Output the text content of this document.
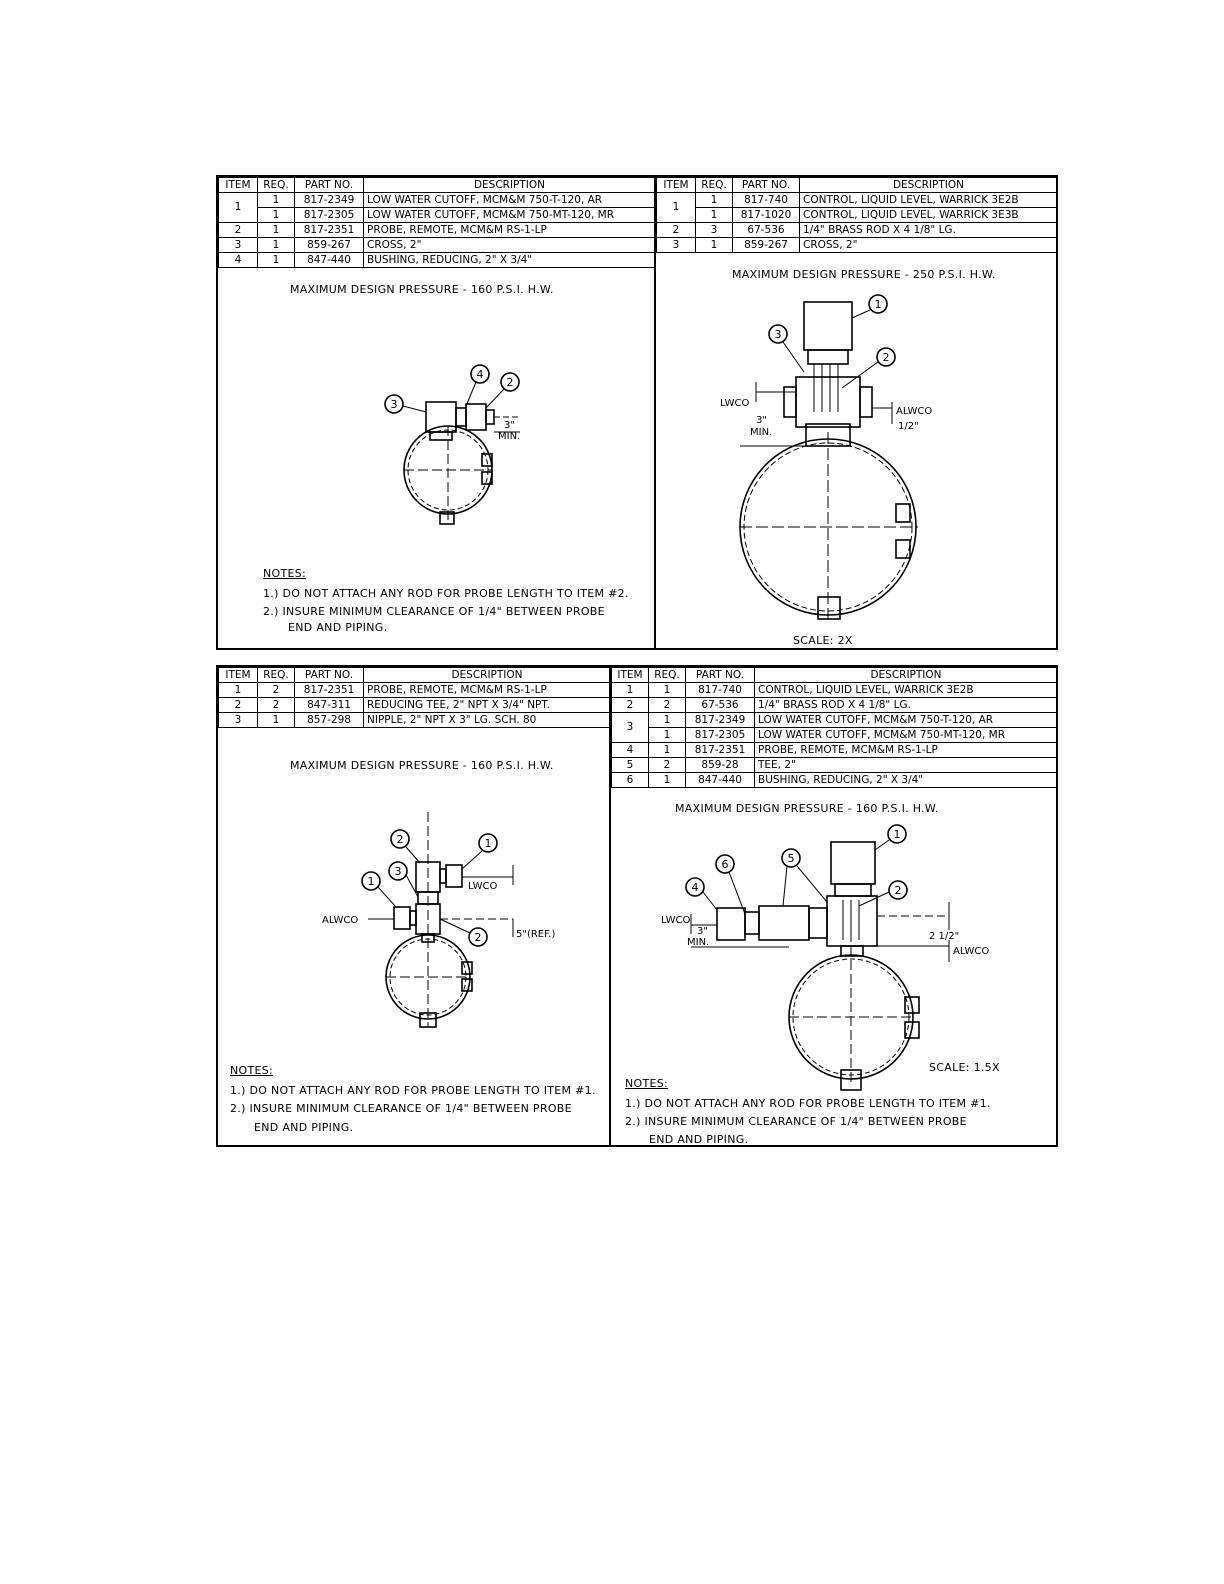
ITEM	REQ.	PART NO.	DESCRIPTION
1	1	817-2349	LOW WATER CUTOFF, MCM&M 750-T-120, AR
	1	817-2305	LOW WATER CUTOFF, MCM&M 750-MT-120, MR
2	1	817-2351	PROBE, REMOTE, MCM&M RS-1-LP
3	1	859-267	CROSS, 2"
4	1	847-440	BUSHING, REDUCING, 2" X 3/4"
MAXIMUM DESIGN PRESSURE - 160 P.S.I. H.W.
4
2
3
3"
MIN.
NOTES:
1.) DO NOT ATTACH ANY ROD FOR PROBE LENGTH TO ITEM #2.
2.) INSURE MINIMUM CLEARANCE OF 1/4" BETWEEN PROBE
END AND PIPING.
ITEM	REQ.	PART NO.	DESCRIPTION
1	1	817-740	CONTROL, LIQUID LEVEL, WARRICK 3E2B
	1	817-1020	CONTROL, LIQUID LEVEL, WARRICK 3E3B
2	3	67-536	1/4" BRASS ROD X 4 1/8" LG.
3	1	859-267	CROSS, 2"
MAXIMUM DESIGN PRESSURE - 250 P.S.I. H.W.
1
3
2
LWCO
ALWCO
1/2"
3"
MIN.
SCALE: 2X
ITEM	REQ.	PART NO.	DESCRIPTION
1	2	817-2351	PROBE, REMOTE, MCM&M RS-1-LP
2	2	847-311	REDUCING TEE, 2" NPT X 3/4" NPT.
3	1	857-298	NIPPLE, 2" NPT X 3" LG. SCH. 80
MAXIMUM DESIGN PRESSURE - 160 P.S.I. H.W.
2	1
3
1
2
LWCO
ALWCO
5"(REF.)
NOTES:
1.) DO NOT ATTACH ANY ROD FOR PROBE LENGTH TO ITEM #1.
2.) INSURE MINIMUM CLEARANCE OF 1/4" BETWEEN PROBE
END AND PIPING.
ITEM	REQ.	PART NO.	DESCRIPTION
1	1	817-740	CONTROL, LIQUID LEVEL, WARRICK 3E2B
2	2	67-536	1/4" BRASS ROD X 4 1/8" LG.
3	1	817-2349	LOW WATER CUTOFF, MCM&M 750-T-120, AR
	1	817-2305	LOW WATER CUTOFF, MCM&M 750-MT-120, MR
4	1	817-2351	PROBE, REMOTE, MCM&M RS-1-LP
5	2	859-28	TEE, 2"
6	1	847-440	BUSHING, REDUCING, 2" X 3/4"
MAXIMUM DESIGN PRESSURE - 160 P.S.I. H.W.
1
6	5
4	2
LWCO
3"
MIN.
2 1/2"
ALWCO
SCALE: 1.5X
NOTES:
1.) DO NOT ATTACH ANY ROD FOR PROBE LENGTH TO ITEM #1.
2.) INSURE MINIMUM CLEARANCE OF 1/4" BETWEEN PROBE
END AND PIPING.
